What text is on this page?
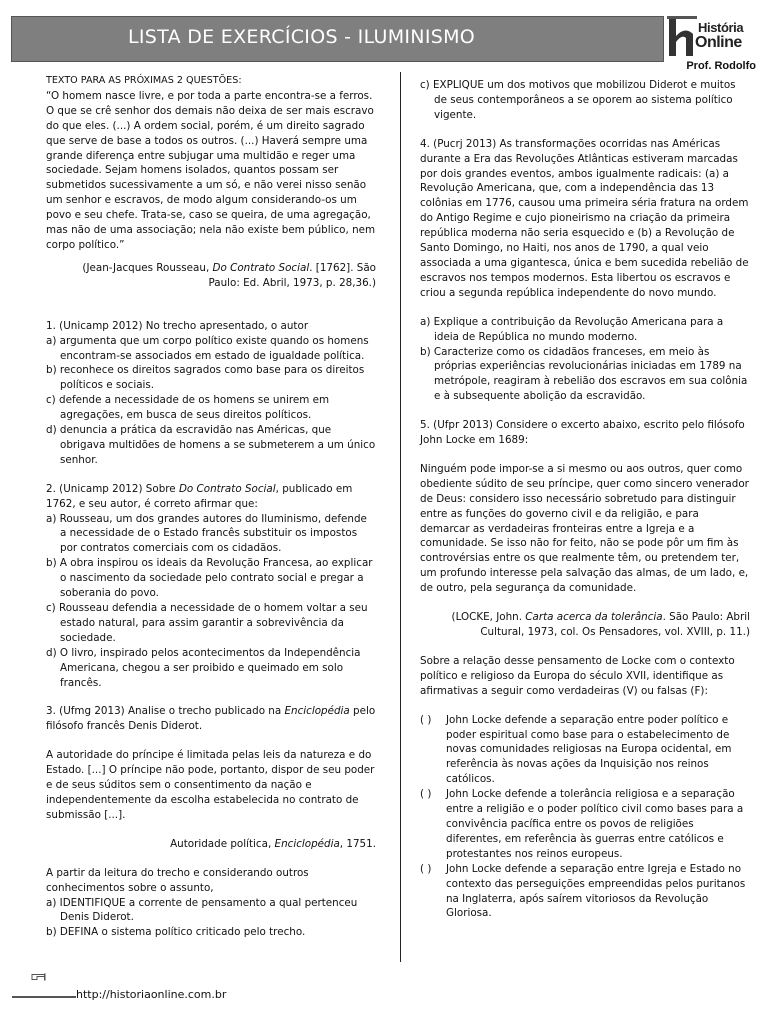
LISTA DE EXERCÍCIOS - ILUMINISMO	História
Online
Prof. Rodolfo

TEXTO PARA AS PRÓXIMAS 2 QUESTÕES:

“O homem nasce livre, e por toda a parte encontra-se a ferros. O que se crê senhor dos demais não deixa de ser mais escravo do que eles. (...) A ordem social, porém, é um direito sagrado que serve de base a todos os outros. (...) Haverá sempre uma grande diferença entre subjugar uma multidão e reger uma sociedade. Sejam homens isolados, quantos possam ser submetidos sucessivamente a um só, e não verei nisso senão um senhor e escravos, de modo algum considerando-os um povo e seu chefe. Trata-se, caso se queira, de uma agregação, mas não de uma associação; nela não existe bem público, nem corpo político.”

(Jean-Jacques Rousseau, Do Contrato Social. [1762]. São Paulo: Ed. Abril, 1973, p. 28,36.)

1. (Unicamp 2012) No trecho apresentado, o autor

a) argumenta que um corpo político existe quando os homens encontram-se associados em estado de igualdade política.

b) reconhece os direitos sagrados como base para os direitos políticos e sociais.

c) defende a necessidade de os homens se unirem em agregações, em busca de seus direitos políticos.

d) denuncia a prática da escravidão nas Américas, que obrigava multidões de homens a se submeterem a um único senhor.

2. (Unicamp 2012) Sobre Do Contrato Social, publicado em 1762, e seu autor, é correto afirmar que:

a) Rousseau, um dos grandes autores do Iluminismo, defende a necessidade de o Estado francês substituir os impostos por contratos comerciais com os cidadãos.

b) A obra inspirou os ideais da Revolução Francesa, ao explicar o nascimento da sociedade pelo contrato social e pregar a soberania do povo.

c) Rousseau defendia a necessidade de o homem voltar a seu estado natural, para assim garantir a sobrevivência da sociedade.

d) O livro, inspirado pelos acontecimentos da Independência Americana, chegou a ser proibido e queimado em solo francês.

3. (Ufmg 2013) Analise o trecho publicado na Enciclopédia pelo filósofo francês Denis Diderot.

A autoridade do príncipe é limitada pelas leis da natureza e do Estado. [...] O príncipe não pode, portanto, dispor de seu poder e de seus súditos sem o consentimento da nação e independentemente da escolha estabelecida no contrato de submissão [...].

Autoridade política, Enciclopédia, 1751.

A partir da leitura do trecho e considerando outros conhecimentos sobre o assunto,

a) IDENTIFIQUE a corrente de pensamento a qual pertenceu Denis Diderot.

b) DEFINA o sistema político criticado pelo trecho.

c) EXPLIQUE um dos motivos que mobilizou Diderot e muitos de seus contemporâneos a se oporem ao sistema político vigente.

4. (Pucrj 2013) As transformações ocorridas nas Américas durante a Era das Revoluções Atlânticas estiveram marcadas por dois grandes eventos, ambos igualmente radicais: (a) a Revolução Americana, que, com a independência das 13 colônias em 1776, causou uma primeira séria fratura na ordem do Antigo Regime e cujo pioneirismo na criação da primeira república moderna não seria esquecido e (b) a Revolução de Santo Domingo, no Haiti, nos anos de 1790, a qual veio associada a uma gigantesca, única e bem sucedida rebelião de escravos nos tempos modernos. Esta libertou os escravos e criou a segunda república independente do novo mundo.

a) Explique a contribuição da Revolução Americana para a ideia de República no mundo moderno.

b) Caracterize como os cidadãos franceses, em meio às próprias experiências revolucionárias iniciadas em 1789 na metrópole, reagiram à rebelião dos escravos em sua colônia e à subsequente abolição da escravidão.

5. (Ufpr 2013) Considere o excerto abaixo, escrito pelo filósofo John Locke em 1689:

Ninguém pode impor-se a si mesmo ou aos outros, quer como obediente súdito de seu príncipe, quer como sincero venerador de Deus: considero isso necessário sobretudo para distinguir entre as funções do governo civil e da religião, e para demarcar as verdadeiras fronteiras entre a Igreja e a comunidade. Se isso não for feito, não se pode pôr um fim às controvérsias entre os que realmente têm, ou pretendem ter, um profundo interesse pela salvação das almas, de um lado, e, de outro, pela segurança da comunidade.

(LOCKE, John. Carta acerca da tolerância. São Paulo: Abril Cultural, 1973, col. Os Pensadores, vol. XVIII, p. 11.)

Sobre a relação desse pensamento de Locke com o contexto político e religioso da Europa do século XVII, identifique as afirmativas a seguir como verdadeiras (V) ou falsas (F):

( )	John Locke defende a separação entre poder político e poder espiritual como base para o estabelecimento de novas comunidades religiosas na Europa ocidental, em referência às novas ações da Inquisição nos reinos católicos.
( )	John Locke defende a tolerância religiosa e a separação entre a religião e o poder político civil como bases para a convivência pacífica entre os povos de religiões diferentes, em referência às guerras entre católicos e protestantes nos reinos europeus.
( )	John Locke defende a separação entre Igreja e Estado no contexto das perseguições empreendidas pelos puritanos na Inglaterra, após saírem vitoriosos da Revolução Gloriosa.
http://historiaonline.com.br
